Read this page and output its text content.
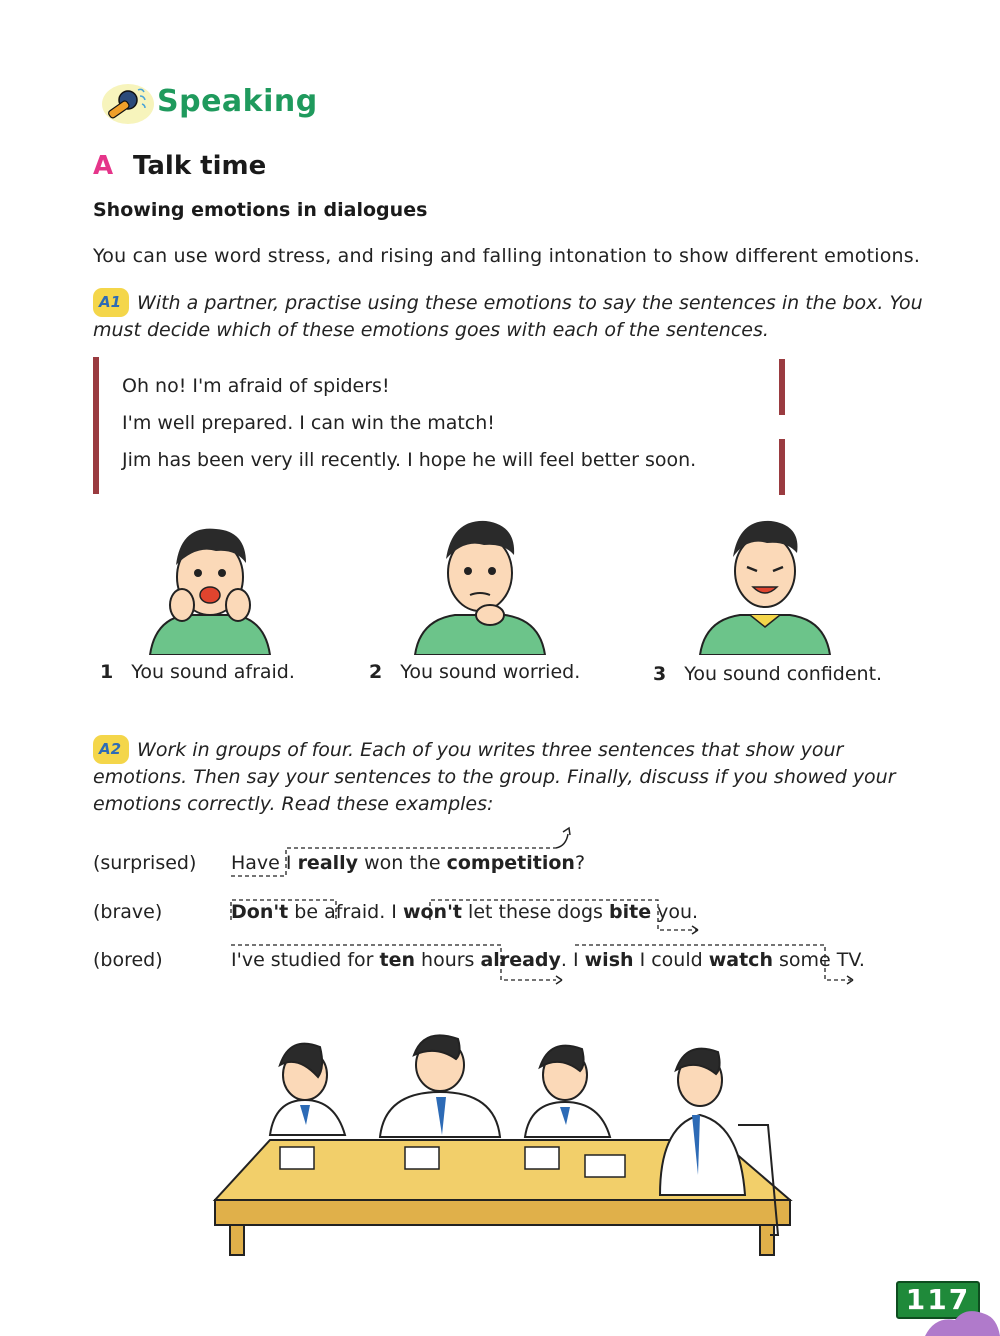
Speaking
A Talk time
Showing emotions in dialogues
You can use word stress, and rising and falling intonation to show different emotions.
A1 With a partner, practise using these emotions to say the sentences in the box. You must decide which of these emotions goes with each of the sentences.
Oh no! I'm afraid of spiders!
I'm well prepared. I can win the match!
Jim has been very ill recently. I hope he will feel better soon.
1 You sound afraid.	2 You sound worried.	3 You sound confident.
A2 Work in groups of four. Each of you writes three sentences that show your emotions. Then say your sentences to the group. Finally, discuss if you showed your emotions correctly. Read these examples:
(surprised) Have I really won the competition?
(brave)	Don't be afraid. I won't let these dogs bite you.
(bored)	I've studied for ten hours already. I wish I could watch some TV.
117
